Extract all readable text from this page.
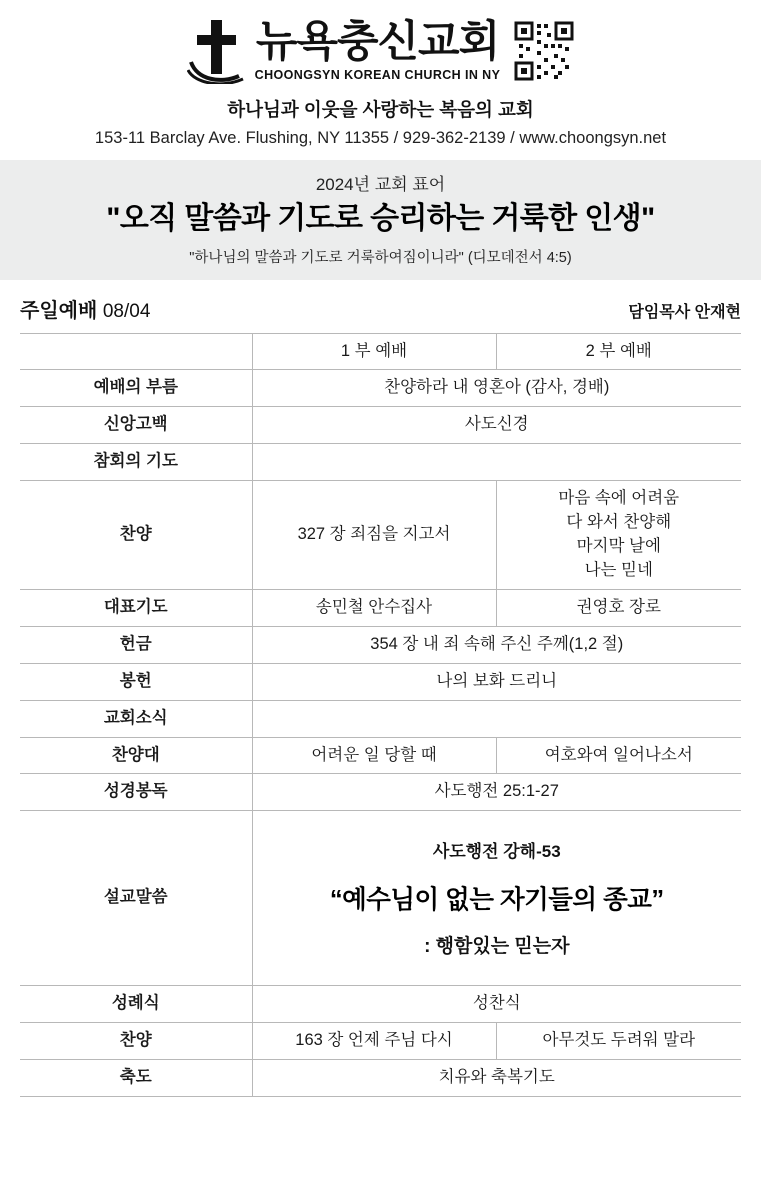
뉴욕충신교회
CHOONGSYN KOREAN CHURCH IN NY
하나님과 이웃을 사랑하는 복음의 교회
153-11 Barclay Ave. Flushing, NY 11355 / 929-362-2139 / www.choongsyn.net
2024년 교회 표어
"오직 말씀과 기도로 승리하는 거룩한 인생"
"하나님의 말씀과 기도로 거룩하여짐이니라" (디모데전서 4:5)
주일예배 08/04	담임목사 안재현
	1 부 예배	2 부 예배
예배의 부름	찬양하라 내 영혼아 (감사, 경배)	
신앙고백	사도신경	
참회의 기도		
찬양	327 장 죄짐을 지고서	마음 속에 어려움
다 와서 찬양해
마지막 날에
나는 믿네

대표기도	송민철 안수집사	권영호 장로
헌금	354 장 내 죄 속해 주신 주께(1,2 절)	
봉헌	나의 보화 드리니	
교회소식		
찬양대	어려운 일 당할 때	여호와여 일어나소서
성경봉독	사도행전 25:1-27	
설교말씀	사도행전 강해-53
“예수님이 없는 자기들의 종교”
: 행함있는 믿는자	

성례식	성찬식	
찬양	163 장 언제 주님 다시	아무것도 두려워 말라
축도	치유와 축복기도	
